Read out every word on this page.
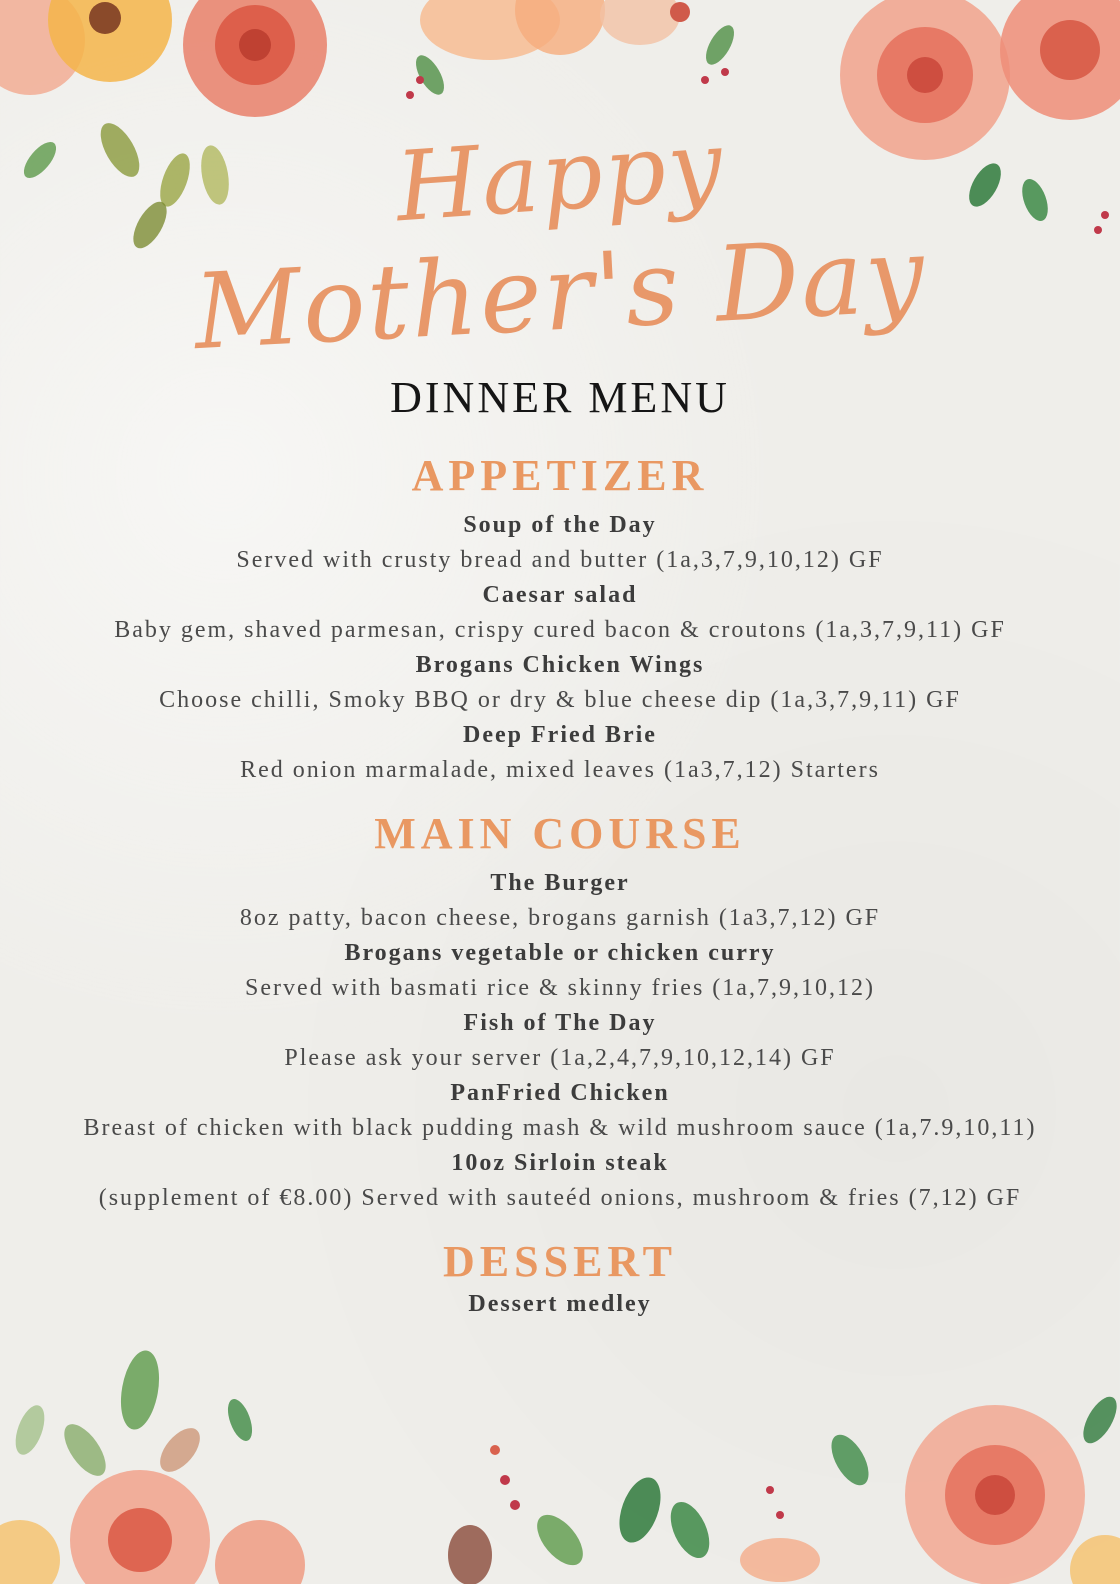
Happy
Mother's Day
DINNER MENU
APPETIZER
Soup of the Day
Served with crusty bread and butter (1a,3,7,9,10,12) GF
Caesar salad
Baby gem, shaved parmesan, crispy cured bacon & croutons (1a,3,7,9,11) GF
Brogans Chicken Wings
Choose chilli, Smoky BBQ or dry & blue cheese dip (1a,3,7,9,11) GF
Deep Fried Brie
Red onion marmalade, mixed leaves (1a3,7,12) Starters
MAIN COURSE
The Burger
8oz patty, bacon cheese, brogans garnish (1a3,7,12) GF
Brogans vegetable or chicken curry
Served with basmati rice & skinny fries (1a,7,9,10,12)
Fish of The Day
Please ask your server (1a,2,4,7,9,10,12,14) GF
PanFried Chicken
Breast of chicken with black pudding mash & wild mushroom sauce (1a,7.9,10,11)
10oz Sirloin steak
(supplement of €8.00) Served with sauteéd onions, mushroom & fries (7,12) GF
DESSERT
Dessert medley
